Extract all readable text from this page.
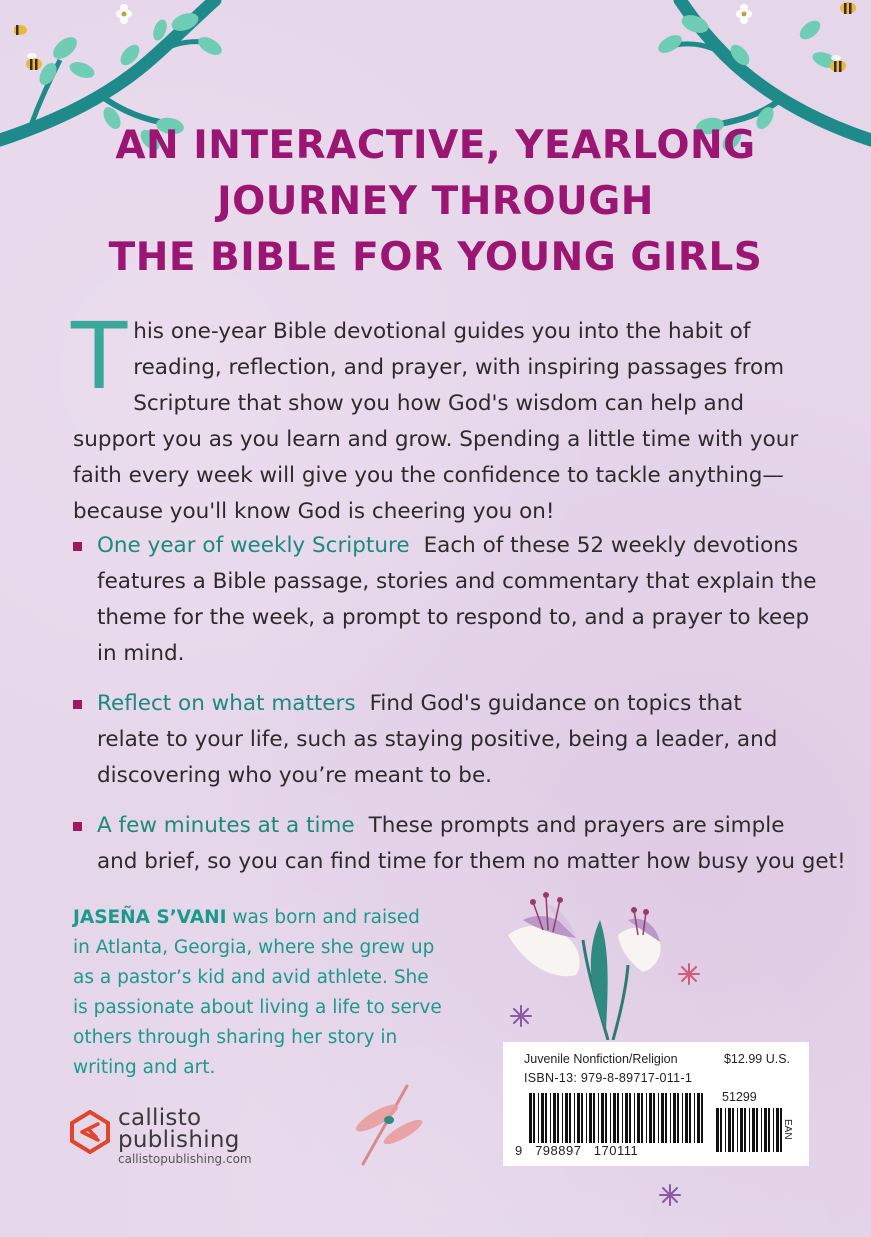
AN INTERACTIVE, YEARLONG
JOURNEY THROUGH
THE BIBLE FOR YOUNG GIRLS
T his one-year Bible devotional guides you into the habit of
reading, reflection, and prayer, with inspiring passages from
Scripture that show you how God's wisdom can help and
support you as you learn and grow. Spending a little time with your
faith every week will give you the confidence to tackle anything—
because you'll know God is cheering you on!
One year of weekly Scripture Each of these 52 weekly devotions
features a Bible passage, stories and commentary that explain the
theme for the week, a prompt to respond to, and a prayer to keep
in mind.
Reflect on what matters Find God's guidance on topics that
relate to your life, such as staying positive, being a leader, and
discovering who you’re meant to be.
A few minutes at a time These prompts and prayers are simple
and brief, so you can find time for them no matter how busy you get!
JASEÑA S’VANI was born and raised
in Atlanta, Georgia, where she grew up
as a pastor’s kid and avid athlete. She
is passionate about living a life to serve
others through sharing her story in
writing and art.
callisto
publishing
callistopublishing.com
Juvenile Nonfiction/Religion	$12.99 U.S.
ISBN-13: 979-8-89717-011-1
51299
EAN
9   798897   170111
